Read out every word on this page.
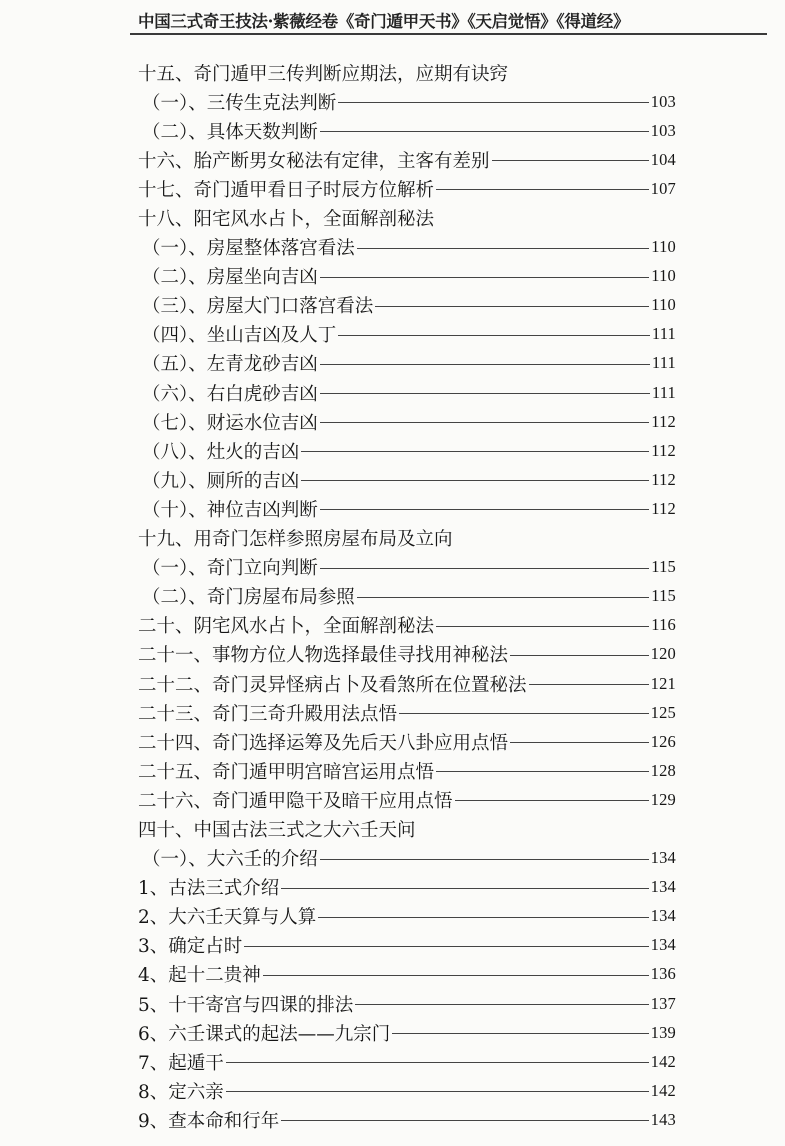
中国三式奇王技法·紫薇经卷《奇门遁甲天书》《天启觉悟》《得道经》
十五、奇门遁甲三传判断应期法，应期有诀窍
（一）、三传生克法判断	103
（二）、具体天数判断	103
十六、胎产断男女秘法有定律，主客有差别	104
十七、奇门遁甲看日子时辰方位解析	107
十八、阳宅风水占卜，全面解剖秘法
（一）、房屋整体落宫看法	110
（二）、房屋坐向吉凶	110
（三）、房屋大门口落宫看法	110
（四）、坐山吉凶及人丁	111
（五）、左青龙砂吉凶	111
（六）、右白虎砂吉凶	111
（七）、财运水位吉凶	112
（八）、灶火的吉凶	112
（九）、厕所的吉凶	112
（十）、神位吉凶判断	112
十九、用奇门怎样参照房屋布局及立向
（一）、奇门立向判断	115
（二）、奇门房屋布局参照	115
二十、阴宅风水占卜，全面解剖秘法	116
二十一、事物方位人物选择最佳寻找用神秘法	120
二十二、奇门灵异怪病占卜及看煞所在位置秘法	121
二十三、奇门三奇升殿用法点悟	125
二十四、奇门选择运筹及先后天八卦应用点悟	126
二十五、奇门遁甲明宫暗宫运用点悟	128
二十六、奇门遁甲隐干及暗干应用点悟	129
四十、中国古法三式之大六壬天问
（一）、大六壬的介绍	134
1、古法三式介绍	134
2、大六壬天算与人算	134
3、确定占时	134
4、起十二贵神	136
5、十干寄宫与四课的排法	137
6、六壬课式的起法——九宗门	139
7、起遁干	142
8、定六亲	142
9、查本命和行年	143
